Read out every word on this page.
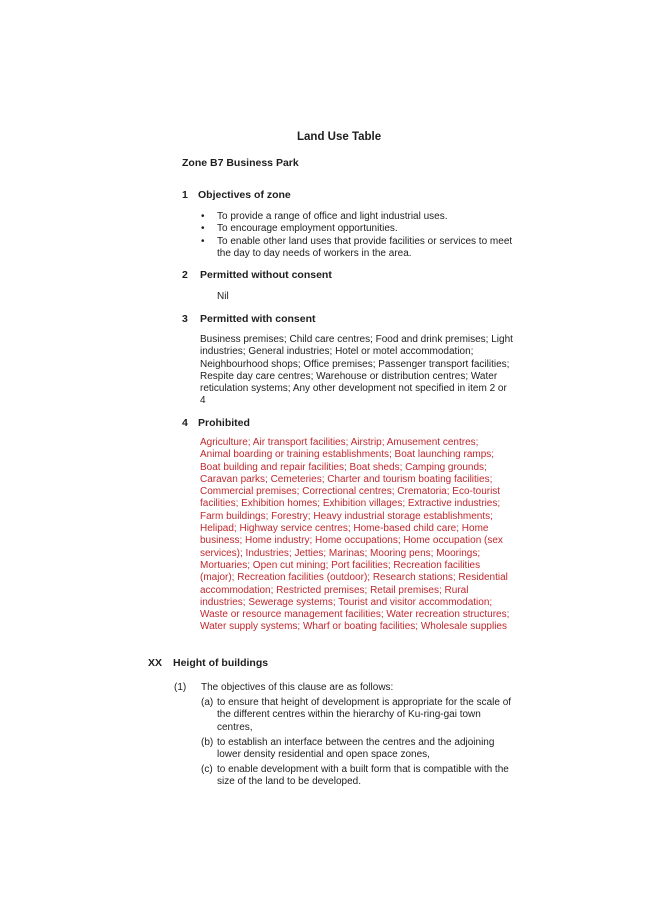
Land Use Table
Zone B7 Business Park
1 Objectives of zone
• To provide a range of office and light industrial uses.
• To encourage employment opportunities.
• To enable other land uses that provide facilities or services to meet
the day to day needs of workers in the area.
2 Permitted without consent
Nil
3 Permitted with consent
Business premises; Child care centres; Food and drink premises; Light
industries; General industries; Hotel or motel accommodation;
Neighbourhood shops; Office premises; Passenger transport facilities;
Respite day care centres; Warehouse or distribution centres; Water
reticulation systems; Any other development not specified in item 2 or
4
4 Prohibited
Agriculture; Air transport facilities; Airstrip; Amusement centres;
Animal boarding or training establishments; Boat launching ramps;
Boat building and repair facilities; Boat sheds; Camping grounds;
Caravan parks; Cemeteries; Charter and tourism boating facilities;
Commercial premises; Correctional centres; Crematoria; Eco-tourist
facilities; Exhibition homes; Exhibition villages; Extractive industries;
Farm buildings; Forestry; Heavy industrial storage establishments;
Helipad; Highway service centres; Home-based child care; Home
business; Home industry; Home occupations; Home occupation (sex
services); Industries; Jetties; Marinas; Mooring pens; Moorings;
Mortuaries; Open cut mining; Port facilities; Recreation facilities
(major); Recreation facilities (outdoor); Research stations; Residential
accommodation; Restricted premises; Retail premises; Rural
industries; Sewerage systems; Tourist and visitor accommodation;
Waste or resource management facilities; Water recreation structures;
Water supply systems; Wharf or boating facilities; Wholesale supplies
XX Height of buildings
(1) The objectives of this clause are as follows:
(a) to ensure that height of development is appropriate for the scale of
the different centres within the hierarchy of Ku-ring-gai town
centres,
(b) to establish an interface between the centres and the adjoining
lower density residential and open space zones,
(c) to enable development with a built form that is compatible with the
size of the land to be developed.
